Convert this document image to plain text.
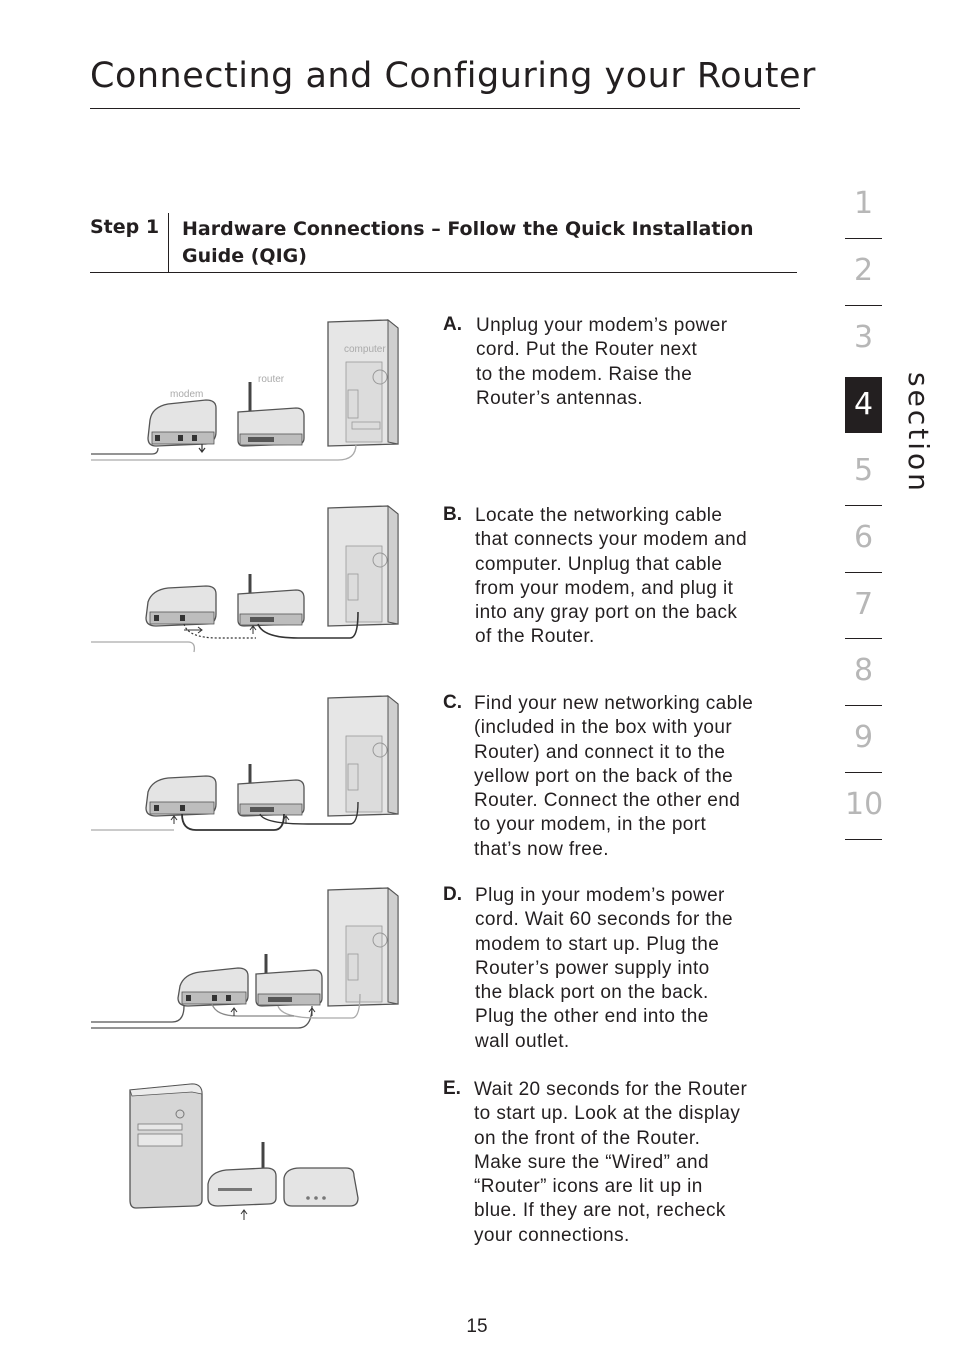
Connecting and Configuring your Router
Step 1 Hardware Connections – Follow the Quick Installation Guide (QIG)
computer
modem
router
A. Unplug your modem’s power
cord. Put the Router next
to the modem. Raise the
Router’s antennas.
B. Locate the networking cable
that connects your modem and
computer. Unplug that cable
from your modem, and plug it
into any gray port on the back
of the Router.
C. Find your new networking cable
(included in the box with your
Router) and connect it to the
yellow port on the back of the
Router. Connect the other end
to your modem, in the port
that’s now free.
D. Plug in your modem’s power
cord. Wait 60 seconds for the
modem to start up. Plug the
Router’s power supply into
the black port on the back.
Plug the other end into the
wall outlet.
E. Wait 20 seconds for the Router
to start up. Look at the display
on the front of the Router.
Make sure the “Wired” and
“Router” icons are lit up in
blue. If they are not, recheck
your connections.
1
2
3
4
5
6
7
8
9
10
section
15
